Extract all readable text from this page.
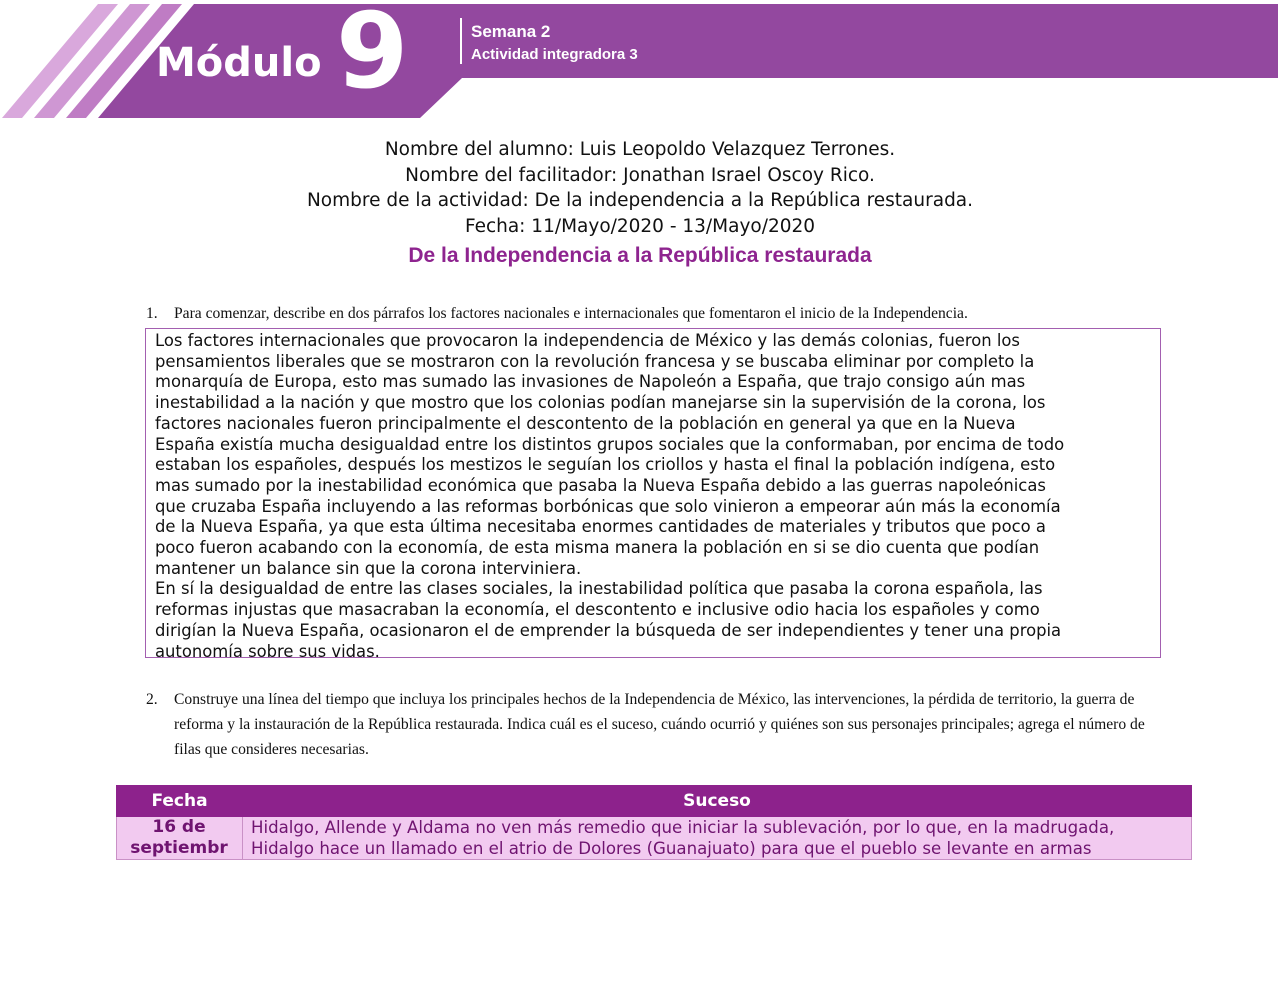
Módulo 9	Semana 2
Actividad integradora 3
Nombre del alumno: Luis Leopoldo Velazquez Terrones.
Nombre del facilitador: Jonathan Israel Oscoy Rico.
Nombre de la actividad: De la independencia a la República restaurada.
Fecha: 11/Mayo/2020 - 13/Mayo/2020
De la Independencia a la República restaurada
1. Para comenzar, describe en dos párrafos los factores nacionales e internacionales que fomentaron el inicio de la Independencia.

Los factores internacionales que provocaron la independencia de México y las demás colonias, fueron los
pensamientos liberales que se mostraron con la revolución francesa y se buscaba eliminar por completo la
monarquía de Europa, esto mas sumado las invasiones de Napoleón a España, que trajo consigo aún mas
inestabilidad a la nación y que mostro que los colonias podían manejarse sin la supervisión de la corona, los
factores nacionales fueron principalmente el descontento de la población en general ya que en la Nueva
España existía mucha desigualdad entre los distintos grupos sociales que la conformaban, por encima de todo
estaban los españoles, después los mestizos le seguían los criollos y hasta el final la población indígena, esto
mas sumado por la inestabilidad económica que pasaba la Nueva España debido a las guerras napoleónicas
que cruzaba España incluyendo a las reformas borbónicas que solo vinieron a empeorar aún más la economía
de la Nueva España, ya que esta última necesitaba enormes cantidades de materiales y tributos que poco a
poco fueron acabando con la economía, de esta misma manera la población en si se dio cuenta que podían
mantener un balance sin que la corona interviniera.

En sí la desigualdad de entre las clases sociales, la inestabilidad política que pasaba la corona española, las
reformas injustas que masacraban la economía, el descontento e inclusive odio hacia los españoles y como
dirigían la Nueva España, ocasionaron el de emprender la búsqueda de ser independientes y tener una propia
autonomía sobre sus vidas.

2. Construye una línea del tiempo que incluya los principales hechos de la Independencia de México, las intervenciones, la pérdida de territorio, la guerra de reforma y la instauración de la República restaurada. Indica cuál es el suceso, cuándo ocurrió y quiénes son sus personajes principales; agrega el número de filas que consideres necesarias.
Fecha	Suceso

16 de
septiembr	Hidalgo, Allende y Aldama no ven más remedio que iniciar la sublevación, por lo que, en la madrugada,
Hidalgo hace un llamado en el atrio de Dolores (Guanajuato) para que el pueblo se levante en armas
